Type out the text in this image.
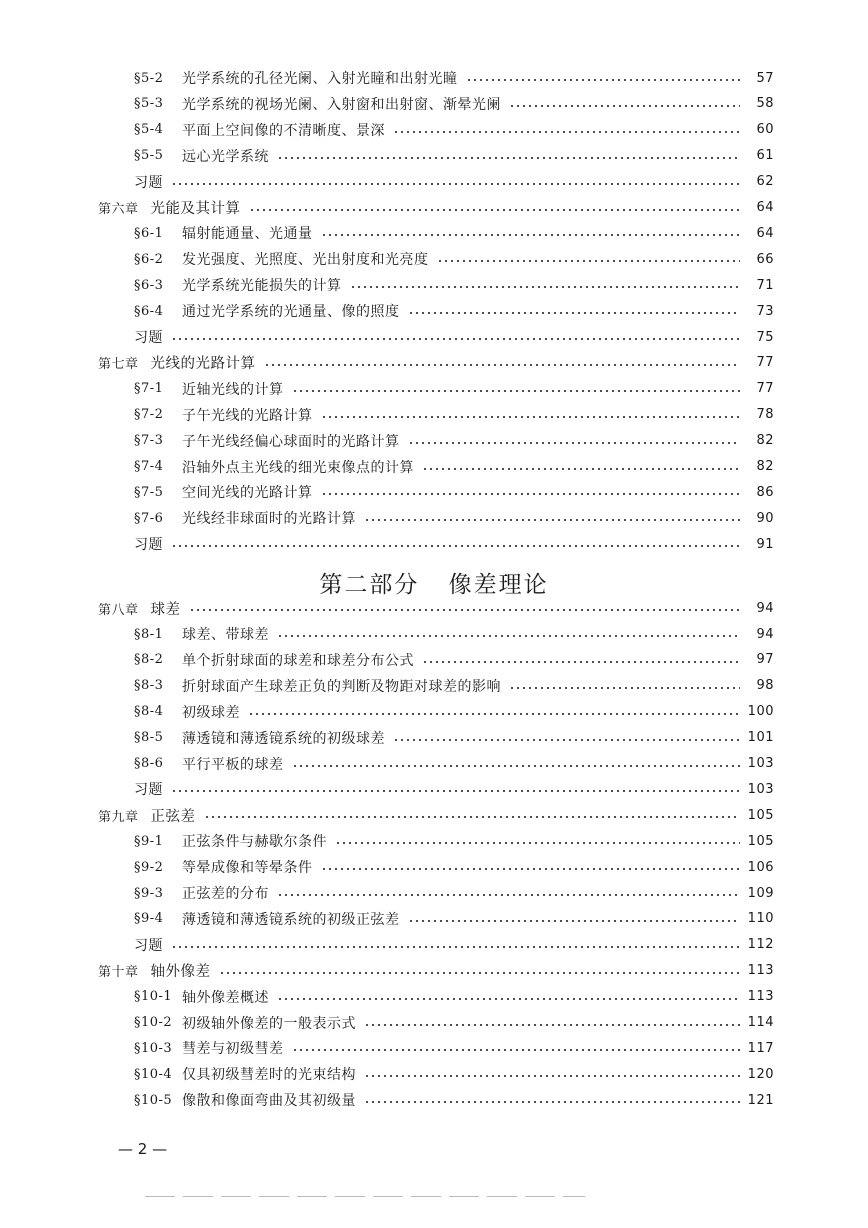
§5-2	光学系统的孔径光阑、入射光瞳和出射光瞳	57
§5-3	光学系统的视场光阑、入射窗和出射窗、渐晕光阑	58
§5-4	平面上空间像的不清晰度、景深	60
§5-5	远心光学系统	61
习题	62
第六章 光能及其计算	64
§6-1	辐射能通量、光通量	64
§6-2	发光强度、光照度、光出射度和光亮度	66
§6-3	光学系统光能损失的计算	71
§6-4	通过光学系统的光通量、像的照度	73
习题	75
第七章 光线的光路计算	77
§7-1	近轴光线的计算	77
§7-2	子午光线的光路计算	78
§7-3	子午光线经偏心球面时的光路计算	82
§7-4	沿轴外点主光线的细光束像点的计算	82
§7-5	空间光线的光路计算	86
§7-6	光线经非球面时的光路计算	90
习题	91
第八章 球差	94
§8-1	球差、带球差	94
§8-2	单个折射球面的球差和球差分布公式	97
§8-3	折射球面产生球差正负的判断及物距对球差的影响	98
§8-4	初级球差	100
§8-5	薄透镜和薄透镜系统的初级球差	101
§8-6	平行平板的球差	103
习题	103
第九章 正弦差	105
§9-1	正弦条件与赫歇尔条件	105
§9-2	等晕成像和等晕条件	106
§9-3	正弦差的分布	109
§9-4	薄透镜和薄透镜系统的初级正弦差	110
习题	112
第十章 轴外像差	113
§10-1 轴外像差概述	113
§10-2 初级轴外像差的一般表示式	114
§10-3 彗差与初级彗差	117
§10-4 仅具初级彗差时的光束结构	120
§10-5 像散和像面弯曲及其初级量	121
第二部分 像差理论
— 2 —
